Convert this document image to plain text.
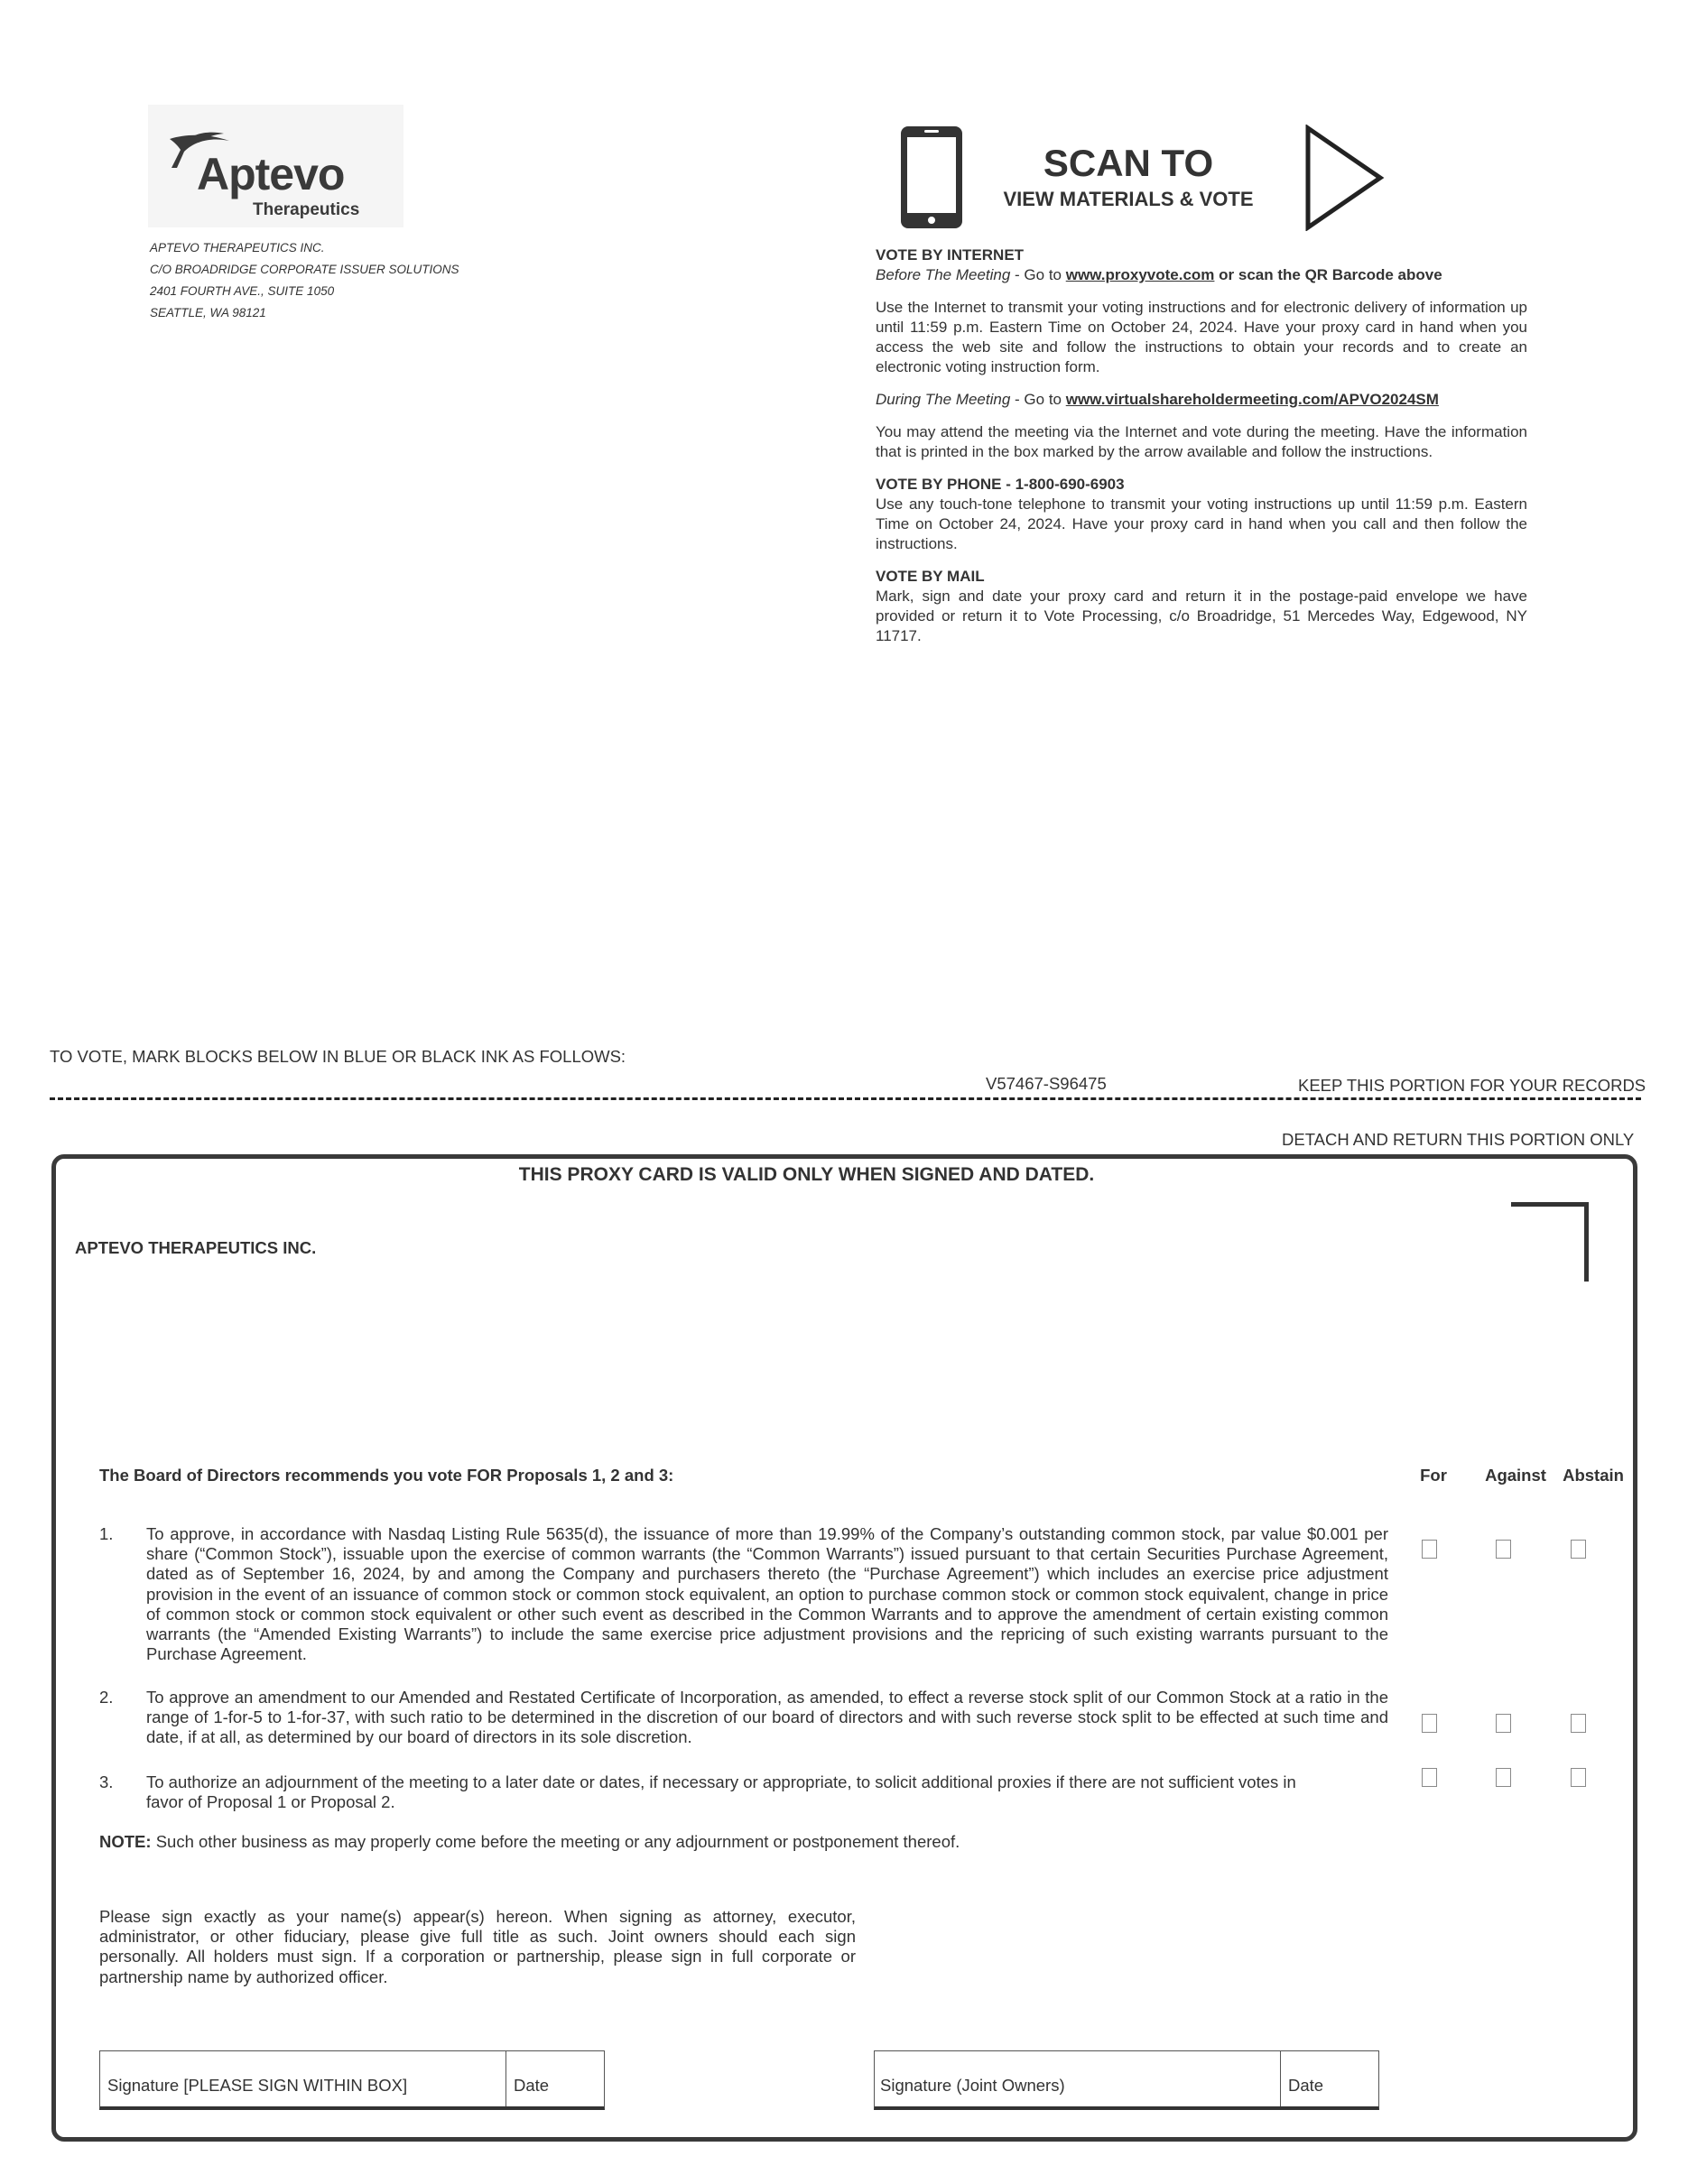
Aptevo
Therapeutics
APTEVO THERAPEUTICS INC.
C/O BROADRIDGE CORPORATE ISSUER SOLUTIONS
2401 FOURTH AVE., SUITE 1050
SEATTLE, WA 98121
SCAN TO
VIEW MATERIALS & VOTE
VOTE BY INTERNET
Before The Meeting - Go to www.proxyvote.com or scan the QR Barcode above
Use the Internet to transmit your voting instructions and for electronic delivery of information up until 11:59 p.m. Eastern Time on October 24, 2024. Have your proxy card in hand when you access the web site and follow the instructions to obtain your records and to create an electronic voting instruction form.
During The Meeting - Go to www.virtualshareholdermeeting.com/APVO2024SM
You may attend the meeting via the Internet and vote during the meeting. Have the information that is printed in the box marked by the arrow available and follow the instructions.
VOTE BY PHONE - 1-800-690-6903
Use any touch-tone telephone to transmit your voting instructions up until 11:59 p.m. Eastern Time on October 24, 2024. Have your proxy card in hand when you call and then follow the instructions.
VOTE BY MAIL
Mark, sign and date your proxy card and return it in the postage-paid envelope we have provided or return it to Vote Processing, c/o Broadridge, 51 Mercedes Way, Edgewood, NY 11717.
TO VOTE, MARK BLOCKS BELOW IN BLUE OR BLACK INK AS FOLLOWS:
V57467-S96475	KEEP THIS PORTION FOR YOUR RECORDS
DETACH AND RETURN THIS PORTION ONLY
THIS PROXY CARD IS VALID ONLY WHEN SIGNED AND DATED.
APTEVO THERAPEUTICS INC.
The Board of Directors recommends you vote FOR Proposals 1, 2 and 3:	For	Against Abstain
1. To approve, in accordance with Nasdaq Listing Rule 5635(d), the issuance of more than 19.99% of the Company’s outstanding common stock, par value $0.001 per share (“Common Stock”), issuable upon the exercise of common warrants (the “Common Warrants”) issued pursuant to that certain Securities Purchase Agreement, dated as of September 16, 2024, by and among the Company and purchasers thereto (the “Purchase Agreement”) which includes an exercise price adjustment provision in the event of an issuance of common stock or common stock equivalent, an option to purchase common stock or common stock equivalent, change in price of common stock or common stock equivalent or other such event as described in the Common Warrants and to approve the amendment of certain existing common warrants (the “Amended Existing Warrants”) to include the same exercise price adjustment provisions and the repricing of such existing warrants pursuant to the Purchase Agreement.
2. To approve an amendment to our Amended and Restated Certificate of Incorporation, as amended, to effect a reverse stock split of our Common Stock at a ratio in the range of 1-for-5 to 1-for-37, with such ratio to be determined in the discretion of our board of directors and with such reverse stock split to be effected at such time and date, if at all, as determined by our board of directors in its sole discretion.
3. To authorize an adjournment of the meeting to a later date or dates, if necessary or appropriate, to solicit additional proxies if there are not sufficient votes in favor of Proposal 1 or Proposal 2.
NOTE: Such other business as may properly come before the meeting or any adjournment or postponement thereof.
Please sign exactly as your name(s) appear(s) hereon. When signing as attorney, executor, administrator, or other fiduciary, please give full title as such. Joint owners should each sign personally. All holders must sign. If a corporation or partnership, please sign in full corporate or partnership name by authorized officer.
Signature [PLEASE SIGN WITHIN BOX]	Date	Signature (Joint Owners)	Date
